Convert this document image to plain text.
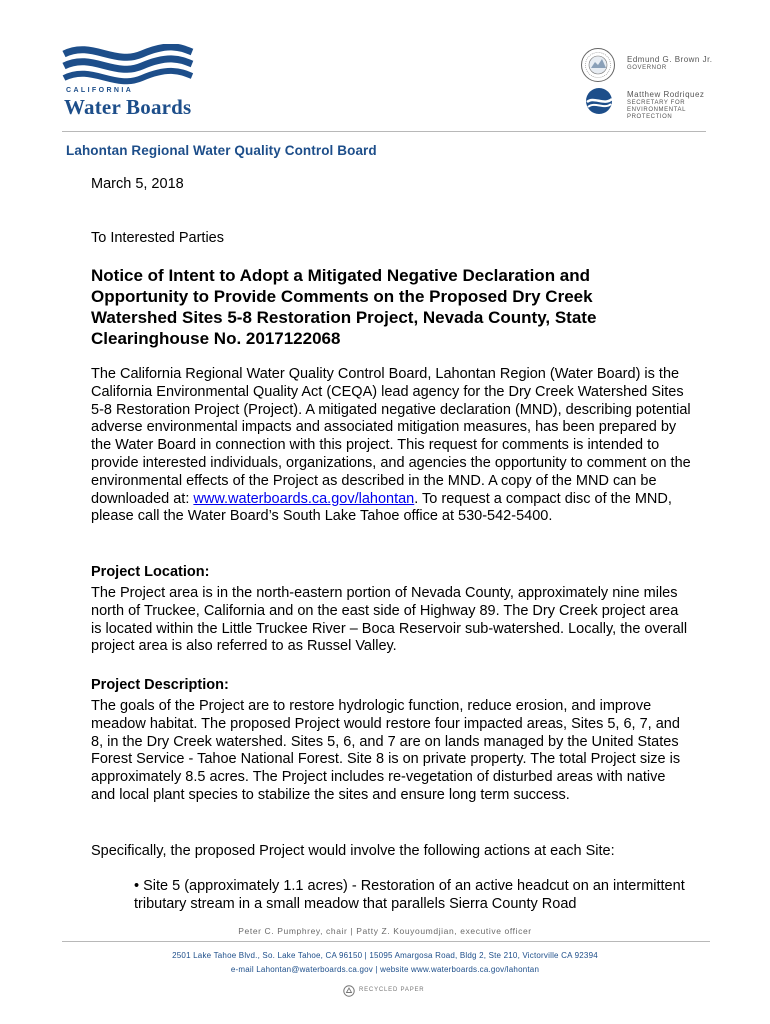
CALIFORNIA
Water Boards
Edmund G. Brown Jr.
GOVERNOR
Matthew Rodriquez
SECRETARY FOR ENVIRONMENTAL PROTECTION
Lahontan Regional Water Quality Control Board
March 5, 2018
To Interested Parties
Notice of Intent to Adopt a Mitigated Negative Declaration and Opportunity to Provide Comments on the Proposed Dry Creek Watershed Sites 5-8 Restoration Project, Nevada County, State Clearinghouse No. 2017122068
The California Regional Water Quality Control Board, Lahontan Region (Water Board) is the California Environmental Quality Act (CEQA) lead agency for the Dry Creek Watershed Sites 5-8 Restoration Project (Project). A mitigated negative declaration (MND), describing potential adverse environmental impacts and associated mitigation measures, has been prepared by the Water Board in connection with this project. This request for comments is intended to provide interested individuals, organizations, and agencies the opportunity to comment on the environmental effects of the Project as described in the MND. A copy of the MND can be downloaded at: www.waterboards.ca.gov/lahontan. To request a compact disc of the MND, please call the Water Board’s South Lake Tahoe office at 530-542-5400.
Project Location:
The Project area is in the north-eastern portion of Nevada County, approximately nine miles north of Truckee, California and on the east side of Highway 89. The Dry Creek project area is located within the Little Truckee River – Boca Reservoir sub-watershed. Locally, the overall project area is also referred to as Russel Valley.
Project Description:
The goals of the Project are to restore hydrologic function, reduce erosion, and improve meadow habitat. The proposed Project would restore four impacted areas, Sites 5, 6, 7, and 8, in the Dry Creek watershed. Sites 5, 6, and 7 are on lands managed by the United States Forest Service - Tahoe National Forest. Site 8 is on private property. The total Project size is approximately 8.5 acres. The Project includes re-vegetation of disturbed areas with native and local plant species to stabilize the sites and ensure long term success.
Specifically, the proposed Project would involve the following actions at each Site:
• Site 5 (approximately 1.1 acres) - Restoration of an active headcut on an intermittent tributary stream in a small meadow that parallels Sierra County Road
Peter C. Pumphrey, chair | Patty Z. Kouyoumdjian, executive officer
2501 Lake Tahoe Blvd., So. Lake Tahoe, CA 96150 | 15095 Amargosa Road, Bldg 2, Ste 210, Victorville CA 92394
e-mail Lahontan@waterboards.ca.gov | website www.waterboards.ca.gov/lahontan
RECYCLED PAPER
